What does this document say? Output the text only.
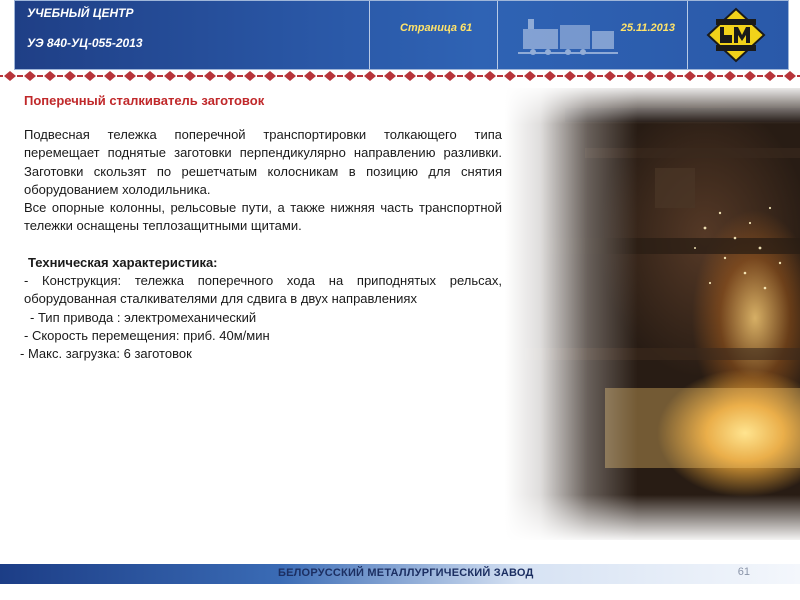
УЧЕБНЫЙ ЦЕНТР
УЭ 840-УЦ-055-2013
Страница 61	25.11.2013
Поперечный сталкиватель заготовок

Подвесная тележка поперечной транспортировки толкающего типа перемещает поднятые заготовки перпендикулярно направлению разливки. Заготовки скользят по решетчатым колосникам в позицию для снятия оборудованием холодильника.

Все опорные колонны, рельсовые пути, а также нижняя часть транспортной тележки оснащены теплозащитными щитами.

Техническая характеристика:

- Конструкция: тележка поперечного хода на приподнятых рельсах, оборудованная сталкивателями для сдвига в двух направлениях

- Тип привода : электромеханический

- Скорость перемещения: приб. 40м/мин

- Макс. загрузка: 6 заготовок

БЕЛОРУССКИЙ МЕТАЛЛУРГИЧЕСКИЙ ЗАВОД	61
